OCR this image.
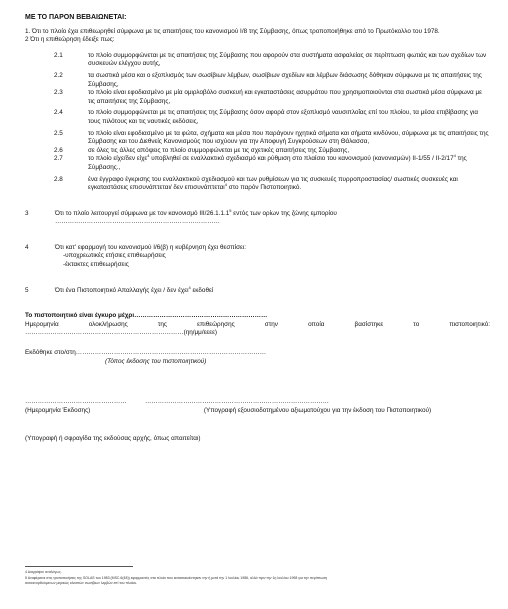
ΜΕ ΤΟ ΠΑΡΟΝ ΒΕΒΑΙΩΝΕΤΑΙ:

1. Ότι το πλοίο έχει επιθεωρηθεί σύμφωνα με τις απαιτήσεις του κανονισμού I/8 της Σύμβασης, όπως τροποποιήθηκε από το Πρωτόκολλο του 1978.

2 Ότι η επιθεώρηση έδειξε πως:

2.1	το πλοίο συμμορφώνεται με τις απαιτήσεις της Σύμβασης που αφορούν στα συστήματα ασφαλείας σε περίπτωση φωτιάς και των σχεδίων των συσκευών ελέγχου αυτής,

2.2	τα σωστικά μέσα και ο εξοπλισμός των σωσίβιων λέμβων, σωσίβιων σχεδίων και λέμβων διάσωσης δόθηκαν σύμφωνα με τις απαιτήσεις της Σύμβασης,

2.3	το πλοίο είναι εφοδιασμένο με μία ομιρλοβόλο συσκευή και εγκαταστάσεις ασυρμάτου που χρησιμοποιούνται στα σωστικά μέσα σύμφωνα με τις απαιτήσεις της Σύμβασης,

2.4	το πλοίο συμμορφώνεται με τις απαιτήσεις της Σύμβασης όσον αφορά στον εξοπλισμό ναυσιπλοΐας επί του πλοίου, τα μέσα επιβίβασης για τους πιλότους και τις ναυτικές εκδόσεις,

2.5	το πλοίο είναι εφοδιασμένο με τα φώτα, σχήματα και μέσα που παράγουν ηχητικά σήματα και σήματα κινδύνου, σύμφωνα με τις απαιτήσεις της Σύμβασης και του Διεθνείς Κανονισμούς που ισχύουν για την Αποφυγή Συγκρούσεων στη Θάλασσα,

2.6	σε όλες τις άλλες απόψεις το πλοίο συμμορφώνεται με τις σχετικές απαιτήσεις της Σύμβασης,

2.7	το πλοίο είχε/δεν είχε$^4$ υποβληθεί σε εναλλακτικό σχεδιασμό και ρύθμιση στο πλαίσιο του κανονισμού (κανονισμών) $II-1/55 / II-2/17^4$ της Σύμβασης.,

2.8	ένα έγγραφο έγκρισης του εναλλακτικού σχεδιασμού και των ρυθμίσεων για τις συσκευές πυρροπροστασίας/ σωστικές συσκευές και εγκαταστάσεις επισυνάπτεται/ δεν επισυνάπτεται$^4$ στο παρόν Πιστοποιητικό.

3	Ότι το πλοίο λειτουργεί σύμφωνα με τον κανονισμό III/26.1.1.1$^5$ εντός των ορίων της ζώνης εμπορίου

……………………………………………………………………

4	Ότι κατ' εφαρμογή του κανονισμού I/6(β) η κυβέρνηση έχει θεσπίσει:

-υποχρεωτικές ετήσιες επιθεωρήσεις

-έκτακτες επιθεωρήσεις

5	Ότι ένα Πιστοποιητικό Απαλλαγής έχει / δεν έχει$^4$ εκδοθεί

Το πιστοποιητικό είναι έγκυρο μέχρι………………………………………………………

Ημερομηνία ολοκλήρωσης της επιθεώρησης στην οποία βασίστηκε το πιστοποιητικό:

…………………………………………………………………(ηη/μμ/εεεε)

Εκδόθηκε στο/στη………………………………………………………………………………

(Τόπος έκδοσης του πιστοποιητικού)

…………………………………………

(Ημερομηνία Έκδοσης)

……………………………………………………………………………

(Υπογραφή εξουσιοδοτημένου αξιωματούχου για την έκδοση του Πιστοποιητικού)

(Υπογραφή ή σφραγίδα της εκδούσας αρχής, όπως απαιτείται)

4 Διαγράψτε αναλόγως.

5 Αναφέρεται στις τροποποιήσεις της SOLAS του 1983 (MSC.6(48)) εφαρμοστές στα πλοία που κατασκευάστηκαν την ή μετά την 1 Ιουλίου 1986, αλλά πριν την 1η Ιουλίου 1998 για την περίπτωση

αυτοανορθούμενων μερικώς κλειστών σωσίβιων λεμβών επί του πλοίου.
